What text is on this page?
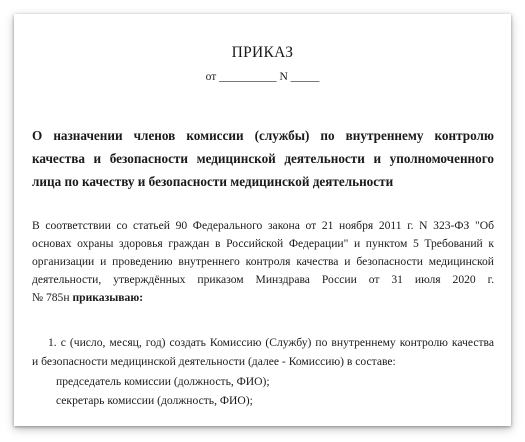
ПРИКАЗ
от __________ N _____
О назначении членов комиссии (службы) по внутреннему контролю
качества и безопасности медицинской деятельности и уполномоченного
лица по качеству и безопасности медицинской деятельности
В соответствии со статьей 90 Федерального закона от 21 ноября 2011 г. N 323-ФЗ "Об
основах охраны здоровья граждан в Российской Федерации" и пунктом 5 Требований к
организации и проведению внутреннего контроля качества и безопасности медицинской
деятельности, утверждённых приказом Минздрава России от 31 июля 2020 г.
№ 785н приказываю:
1. с (число, месяц, год) создать Комиссию (Службу) по внутреннему контролю качества
и безопасности медицинской деятельности (далее - Комиссию) в составе:
председатель комиссии (должность, ФИО);
секретарь комиссии (должность, ФИО);
